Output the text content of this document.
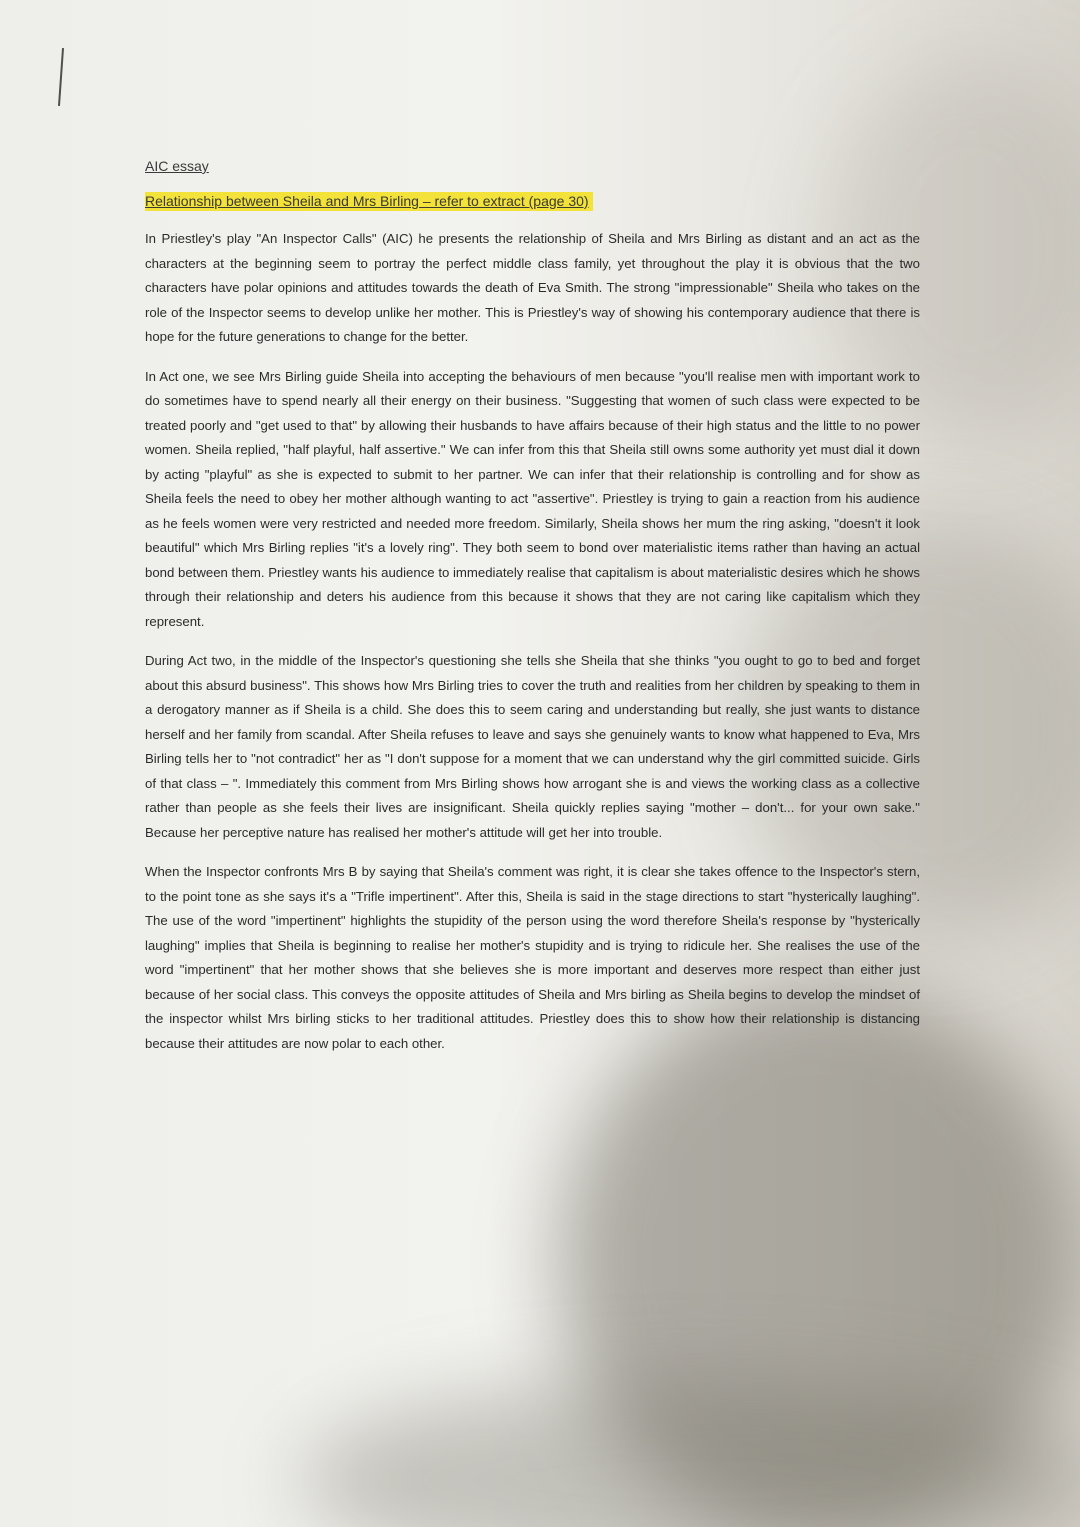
AIC essay
Relationship between Sheila and Mrs Birling – refer to extract (page 30)

In Priestley's play "An Inspector Calls" (AIC) he presents the relationship of Sheila and Mrs Birling as distant and an act as the characters at the beginning seem to portray the perfect middle class family, yet throughout the play it is obvious that the two characters have polar opinions and attitudes towards the death of Eva Smith. The strong "impressionable" Sheila who takes on the role of the Inspector seems to develop unlike her mother. This is Priestley's way of showing his contemporary audience that there is hope for the future generations to change for the better.

In Act one, we see Mrs Birling guide Sheila into accepting the behaviours of men because "you'll realise men with important work to do sometimes have to spend nearly all their energy on their business. "Suggesting that women of such class were expected to be treated poorly and "get used to that" by allowing their husbands to have affairs because of their high status and the little to no power women. Sheila replied, "half playful, half assertive." We can infer from this that Sheila still owns some authority yet must dial it down by acting "playful" as she is expected to submit to her partner. We can infer that their relationship is controlling and for show as Sheila feels the need to obey her mother although wanting to act "assertive". Priestley is trying to gain a reaction from his audience as he feels women were very restricted and needed more freedom. Similarly, Sheila shows her mum the ring asking, "doesn't it look beautiful" which Mrs Birling replies "it's a lovely ring". They both seem to bond over materialistic items rather than having an actual bond between them. Priestley wants his audience to immediately realise that capitalism is about materialistic desires which he shows through their relationship and deters his audience from this because it shows that they are not caring like capitalism which they represent.

During Act two, in the middle of the Inspector's questioning she tells she Sheila that she thinks "you ought to go to bed and forget about this absurd business". This shows how Mrs Birling tries to cover the truth and realities from her children by speaking to them in a derogatory manner as if Sheila is a child. She does this to seem caring and understanding but really, she just wants to distance herself and her family from scandal. After Sheila refuses to leave and says she genuinely wants to know what happened to Eva, Mrs Birling tells her to "not contradict" her as "I don't suppose for a moment that we can understand why the girl committed suicide. Girls of that class – ". Immediately this comment from Mrs Birling shows how arrogant she is and views the working class as a collective rather than people as she feels their lives are insignificant. Sheila quickly replies saying "mother – don't... for your own sake." Because her perceptive nature has realised her mother's attitude will get her into trouble.

When the Inspector confronts Mrs B by saying that Sheila's comment was right, it is clear she takes offence to the Inspector's stern, to the point tone as she says it's a "Trifle impertinent". After this, Sheila is said in the stage directions to start "hysterically laughing". The use of the word "impertinent" highlights the stupidity of the person using the word therefore Sheila's response by "hysterically laughing" implies that Sheila is beginning to realise her mother's stupidity and is trying to ridicule her. She realises the use of the word "impertinent" that her mother shows that she believes she is more important and deserves more respect than either just because of her social class. This conveys the opposite attitudes of Sheila and Mrs birling as Sheila begins to develop the mindset of the inspector whilst Mrs birling sticks to her traditional attitudes. Priestley does this to show how their relationship is distancing because their attitudes are now polar to each other.
